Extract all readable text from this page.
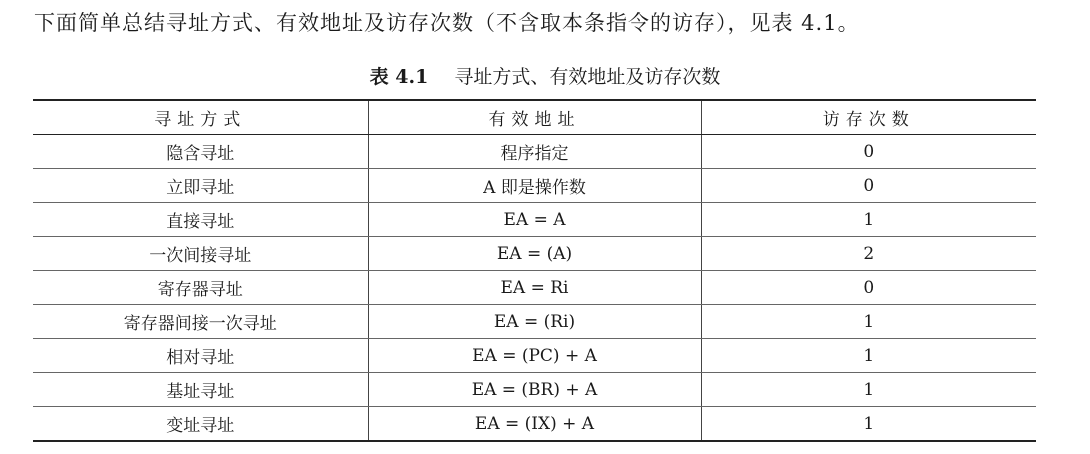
下面简单总结寻址方式、有效地址及访存次数（不含取本条指令的访存），见表 4.1。
表 4.1 寻址方式、有效地址及访存次数
寻址方式	有效地址	访存次数
隐含寻址	程序指定	0
立即寻址	A 即是操作数	0
直接寻址	EA = A	1
一次间接寻址	EA = (A)	2
寄存器寻址	EA = Ri	0
寄存器间接一次寻址	EA = (Ri)	1
相对寻址	EA = (PC) + A	1
基址寻址	EA = (BR) + A	1
变址寻址	EA = (IX) + A	1
